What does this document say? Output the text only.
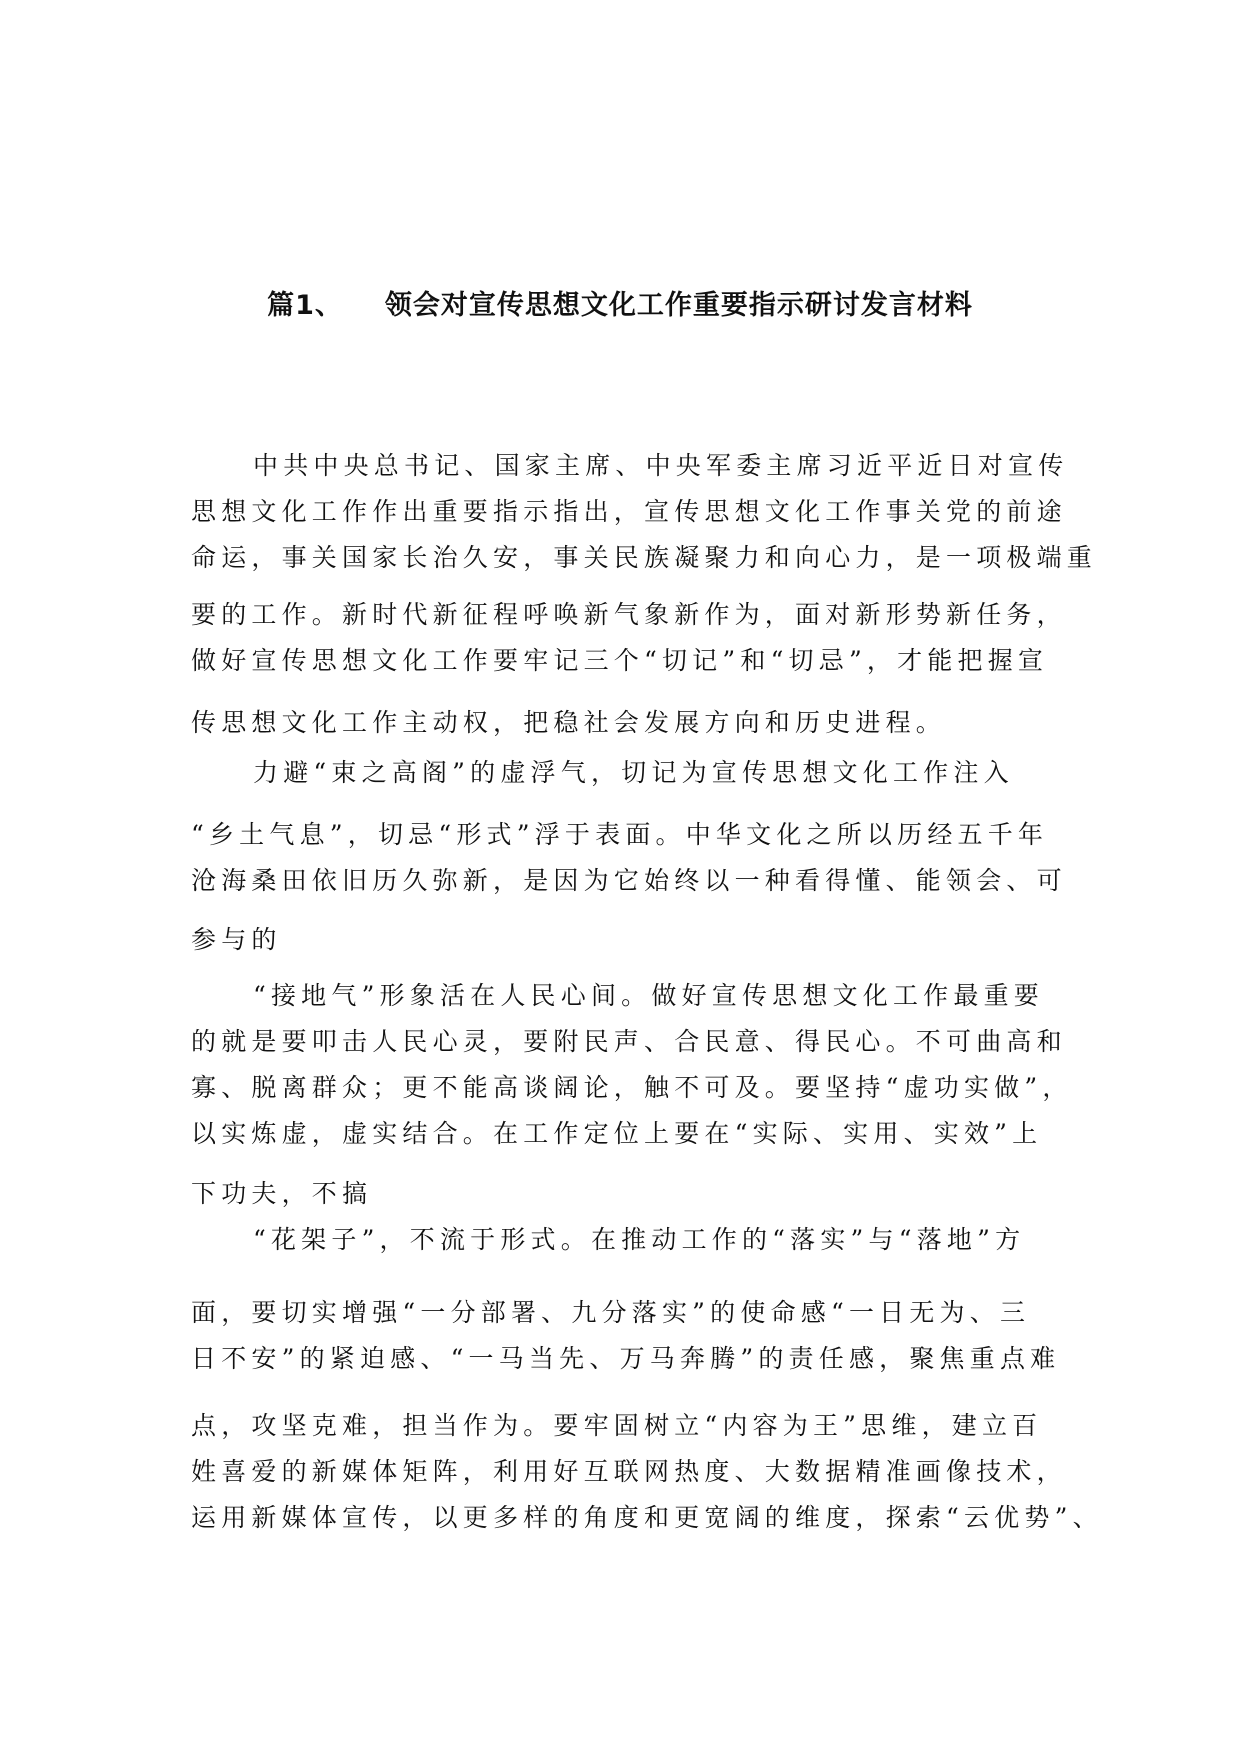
篇1、 领会对宣传思想文化工作重要指示研讨发言材料
中共中央总书记、国家主席、中央军委主席习近平近日对宣传
思想文化工作作出重要指示指出，宣传思想文化工作事关党的前途
命运，事关国家长治久安，事关民族凝聚力和向心力，是一项极端重
要的工作。新时代新征程呼唤新气象新作为，面对新形势新任务，
做好宣传思想文化工作要牢记三个“切记”和“切忌”，才能把握宣
传思想文化工作主动权，把稳社会发展方向和历史进程。
力避“束之高阁”的虚浮气，切记为宣传思想文化工作注入
“乡土气息”，切忌“形式”浮于表面。中华文化之所以历经五千年
沧海桑田依旧历久弥新，是因为它始终以一种看得懂、能领会、可
参与的
“接地气”形象活在人民心间。做好宣传思想文化工作最重要
的就是要叩击人民心灵，要附民声、合民意、得民心。不可曲高和
寡、脱离群众；更不能高谈阔论，触不可及。要坚持“虚功实做”，
以实炼虚，虚实结合。在工作定位上要在“实际、实用、实效”上
下功夫，不搞
“花架子”，不流于形式。在推动工作的“落实”与“落地”方
面，要切实增强“一分部署、九分落实”的使命感“一日无为、三
日不安”的紧迫感、“一马当先、万马奔腾”的责任感，聚焦重点难
点，攻坚克难，担当作为。要牢固树立“内容为王”思维，建立百
姓喜爱的新媒体矩阵，利用好互联网热度、大数据精准画像技术，
运用新媒体宣传，以更多样的角度和更宽阔的维度，探索“云优势”、
